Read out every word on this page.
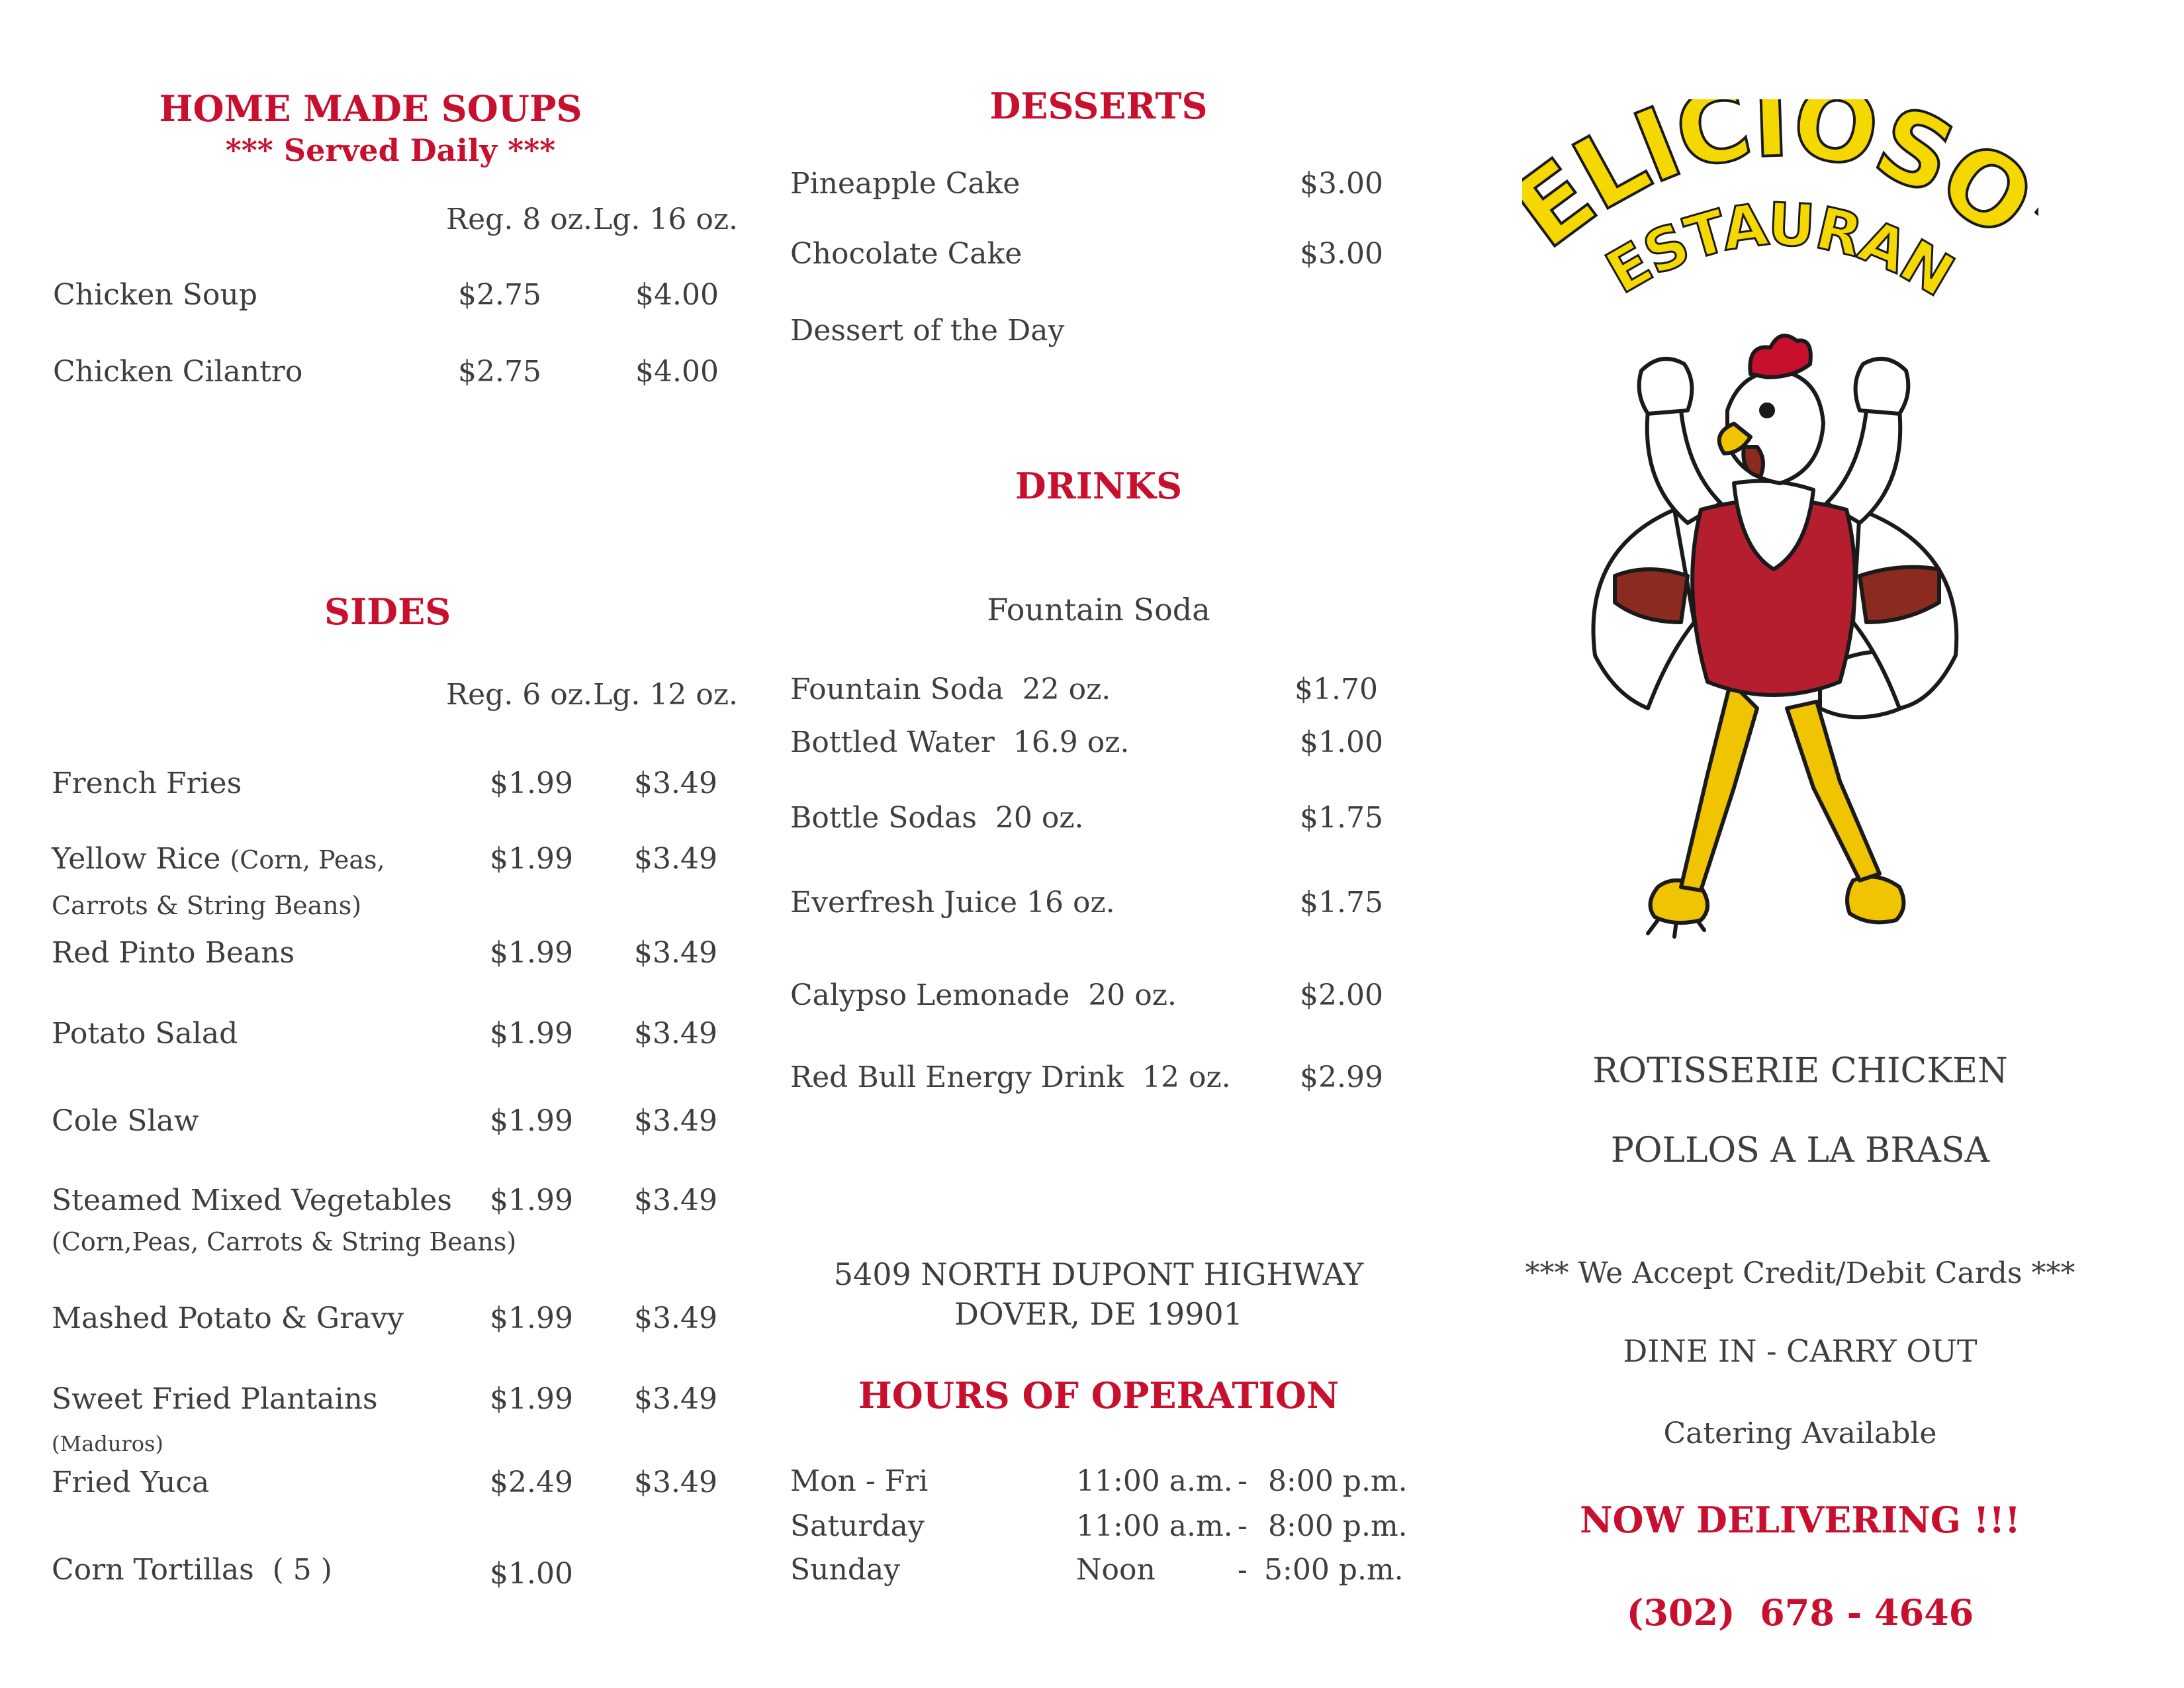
HOME MADE SOUPS
*** Served Daily ***
Reg. 8 oz. Lg. 16 oz.
Chicken Soup	$2.75	$4.00
Chicken Cilantro	$2.75	$4.00
SIDES
Reg. 6 oz. Lg. 12 oz.
French Fries	$1.99 $3.49
Yellow Rice (Corn, Peas,
Carrots & String Beans)
$1.99 $3.49
Red Pinto Beans	$1.99 $3.49
Potato Salad	$1.99 $3.49
Cole Slaw	$1.99 $3.49
Steamed Mixed Vegetables
(Corn,Peas, Carrots & String Beans)
$1.99 $3.49
Mashed Potato & Gravy	$1.99 $3.49
Sweet Fried Plantains
(Maduros)
$1.99 $3.49
Fried Yuca	$2.49 $3.49
Corn Tortillas  ( 5 )	$1.00
DESSERTS
Pineapple Cake	$3.00
Chocolate Cake	$3.00
Dessert of the Day
DRINKS
Fountain Soda
Fountain Soda  22 oz.	$1.70
Bottled Water  16.9 oz.	$1.00
Bottle Sodas  20 oz.	$1.75
Everfresh Juice 16 oz.	$1.75
Calypso Lemonade  20 oz.	$2.00
Red Bull Energy Drink  12 oz. $2.99
5409 NORTH DUPONT HIGHWAY
DOVER, DE 19901
HOURS OF OPERATION
Mon - Fri	11:00 a.m. - 8:00 p.m.
Saturday	11:00 a.m. - 8:00 p.m.
Sunday	Noon	- 5:00 p.m.
LICIOSO
ESTAURAN
ROTISSERIE CHICKEN
POLLOS A LA BRASA
*** We Accept Credit/Debit Cards ***
DINE IN - CARRY OUT
Catering Available
NOW DELIVERING !!!
(302)  678 - 4646
